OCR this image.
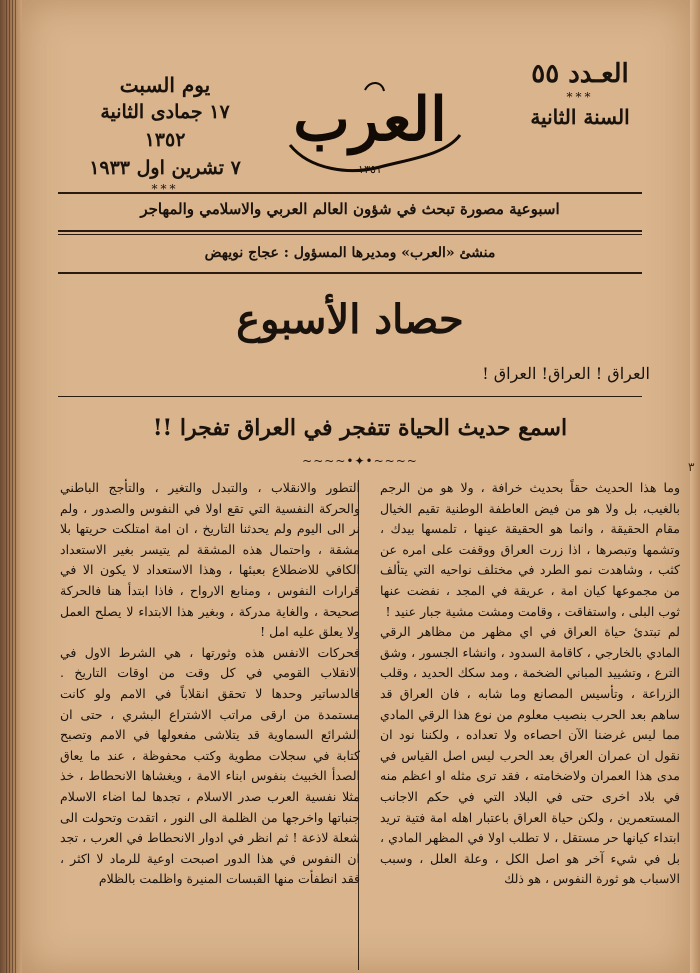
العـدد ٥٥
***
السنة الثانية
يوم السبت
١٧ جمادى الثانية ١٣٥٢
٧ تشرين اول ١٩٣٣
***
العرب
١٣٥١
اسبوعية مصورة تبحث في شؤون العالم العربي والاسلامي والمهاجر
منشئ «العرب» ومديرها المسؤول : عجاج نويهض
حصاد الأسبوع
العراق ! العراق! العراق !
اسمع حديث الحياة تتفجر في العراق تفجرا !!
~~~~•✦•~~~~

وما هذا الحديث حقاً بحديث خرافة ، ولا هو من الرجم بالغيب، بل ولا هو من فيض العاطفة الوطنية تقيم الخيال مقام الحقيقة ، وانما هو الحقيقة عينها ، تلمسها بيدك ، وتشمها وتبصرها ، اذا زرت العراق ووقفت على امره عن كثب ، وشاهدت نمو الطرد في مختلف نواحيه التي يتألف من مجموعها كيان امة ، عريقة في المجد ، نفضت عنها ثوب البلى ، واستفاقت ، وقامت ومشت مشية جبار عنيد !

لم تبتدئ حياة العراق في اي مظهر من مظاهر الرقي المادي بالخارجي ، كاقامة السدود ، وانشاء الجسور ، وشق الترع ، وتشييد المباني الضخمة ، ومد سكك الحديد ، وقلب الزراعة ، وتأسيس المصانع وما شابه ، فان العراق قد ساهم بعد الحرب بنصيب معلوم من نوع هذا الرقي المادي مما ليس غرضنا الآن احصاءه ولا تعداده ، ولكننا نود ان نقول ان عمران العراق بعد الحرب ليس اصل القياس في مدى هذا العمران ولاضخامته ، فقد ترى مثله او اعظم منه في بلاد اخرى حتى في البلاد التي في حكم الاجانب المستعمرين ، ولكن حياة العراق باعتبار اهله امة فتية تريد ابتداء كيانها حر مستقل ، لا تطلب اولا في المظهر المادي ، بل في شيء آخر هو اصل الكل ، وعلة العلل ، وسبب الاسباب هو ثورة النفوس ، هو ذلك

التطور والانقلاب ، والتبدل والتغير ، والتأجج الباطني والحركة النفسية التي تقع اولا في النفوس والصدور ، ولم نر الى اليوم ولم يحدثنا التاريخ ، ان امة امتلكت حريتها بلا مشقة ، واحتمال هذه المشقة لم يتيسر بغير الاستعداد الكافي للاضطلاع بعبئها ، وهذا الاستعداد لا يكون الا في قرارات النفوس ، ومنابع الارواح ، فاذا ابتدأ هنا فالحركة صحيحة ، والغاية مدركة ، وبغير هذا الابتداء لا يصلح العمل ولا يعلق عليه امل !

فحركات الانفس هذه وثورتها ، هي الشرط الاول في الانقلاب القومي في كل وقت من اوقات التاريخ . فالدساتير وحدها لا تحقق انقلاباً في الامم ولو كانت مستمدة من ارقى مراتب الاشتراع البشري ، حتى ان الشرائع السماوية قد يتلاشى مفعولها في الامم وتصبح كتابة في سجلات مطوية وكتب محفوظة ، عند ما يعاق الصدأ الخبيث بنفوس ابناء الامة ، ويغشاها الانحطاط ، خذ مثلا نفسية العرب صدر الاسلام ، تجدها لما اضاء الاسلام جنباتها واخرجها من الظلمة الى النور ، اتقدت وتحولت الى شعلة لاذعة ! ثم انظر في ادوار الانحطاط في العرب ، تجد ان النفوس في هذا الدور اصبحت اوعية للرماد لا اكثر ، فقد انطفأت منها القبسات المنيرة واظلمت بالظلام

٣
